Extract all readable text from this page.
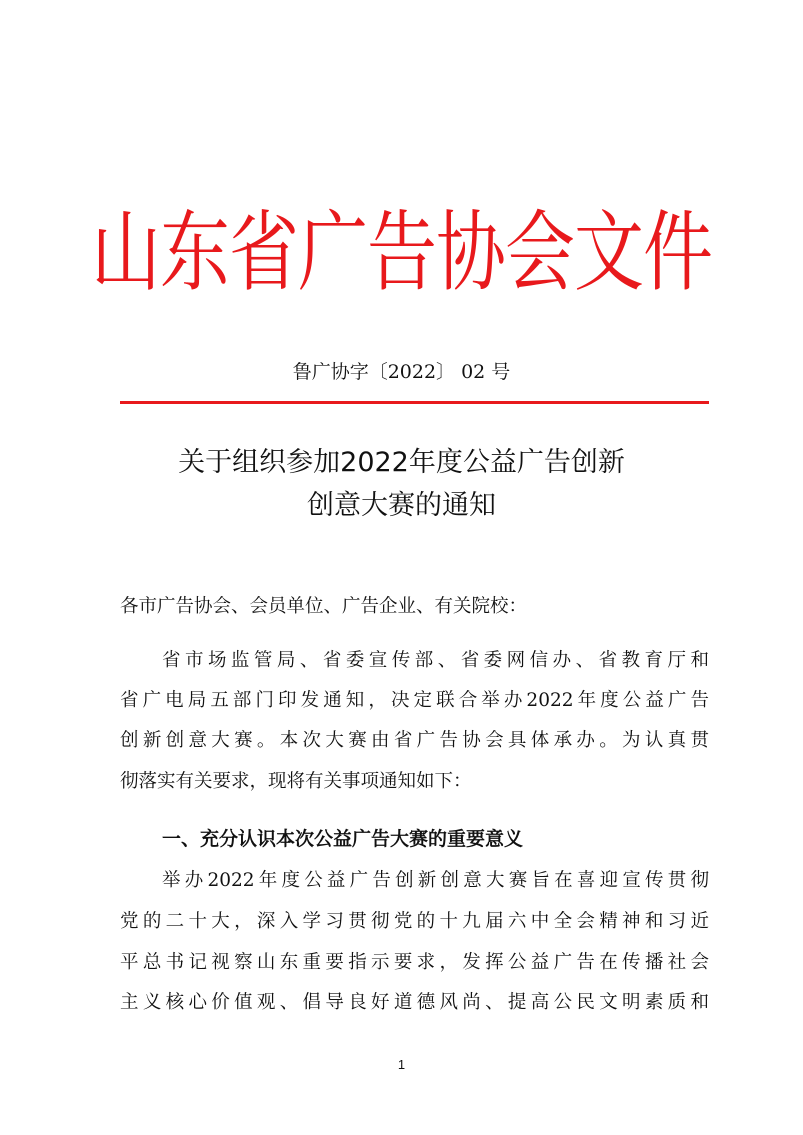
山东省广告协会文件
鲁广协字〔2022〕 02 号
关于组织参加2022年度公益广告创新
创意大赛的通知
各市广告协会、会员单位、广告企业、有关院校：
省市场监管局、省委宣传部、省委网信办、省教育厅和
省广电局五部门印发通知，决定联合举办2022年度公益广告
创新创意大赛。本次大赛由省广告协会具体承办。为认真贯
彻落实有关要求，现将有关事项通知如下：
一、充分认识本次公益广告大赛的重要意义
举办2022年度公益广告创新创意大赛旨在喜迎宣传贯彻
党的二十大，深入学习贯彻党的十九届六中全会精神和习近
平总书记视察山东重要指示要求，发挥公益广告在传播社会
主义核心价值观、倡导良好道德风尚、提高公民文明素质和
1
